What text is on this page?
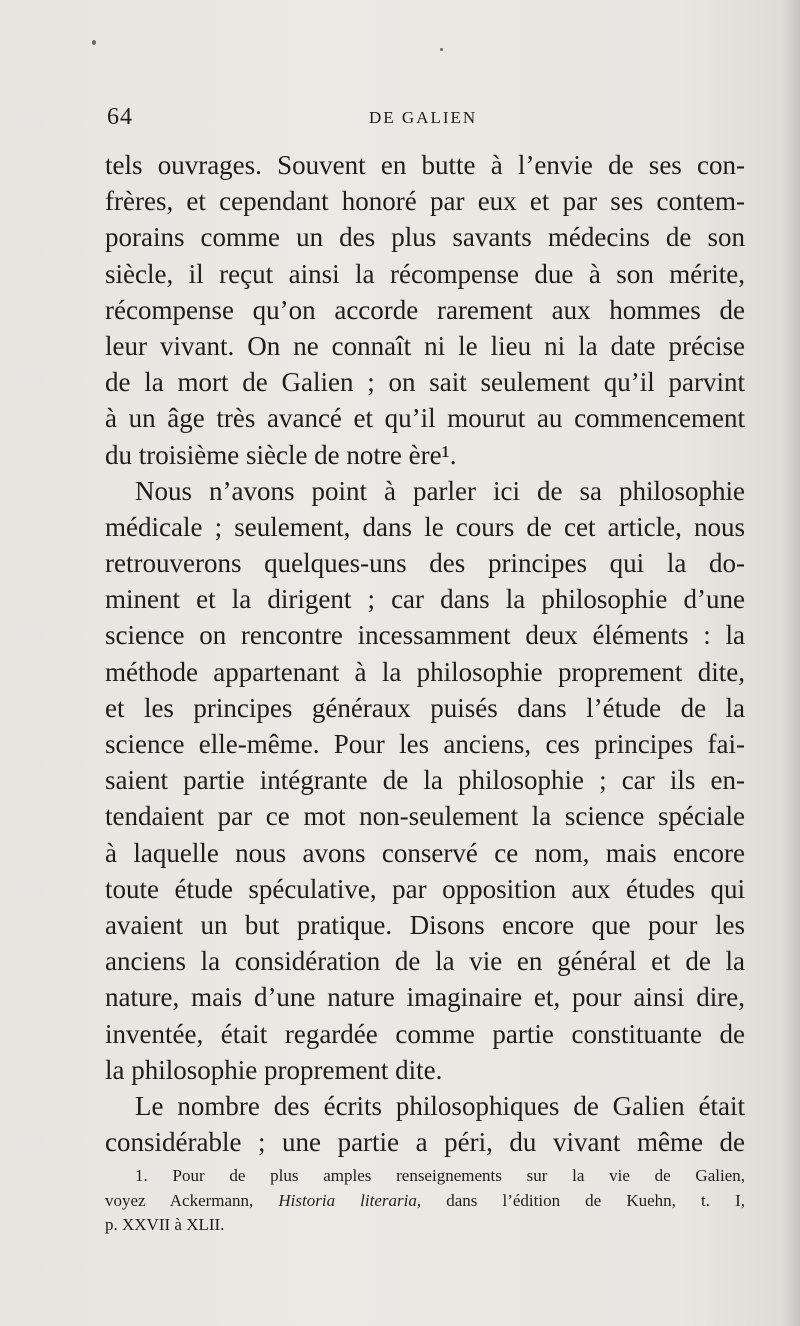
64	DE GALIEN
tels ouvrages. Souvent en butte à l’envie de ses con-
frères, et cependant honoré par eux et par ses contem-
porains comme un des plus savants médecins de son
siècle, il reçut ainsi la récompense due à son mérite,
récompense qu’on accorde rarement aux hommes de
leur vivant. On ne connaît ni le lieu ni la date précise
de la mort de Galien ; on sait seulement qu’il parvint
à un âge très avancé et qu’il mourut au commencement
du troisième siècle de notre ère¹.
Nous n’avons point à parler ici de sa philosophie
médicale ; seulement, dans le cours de cet article, nous
retrouverons quelques-uns des principes qui la do-
minent et la dirigent ; car dans la philosophie d’une
science on rencontre incessamment deux éléments : la
méthode appartenant à la philosophie proprement dite,
et les principes généraux puisés dans l’étude de la
science elle-même. Pour les anciens, ces principes fai-
saient partie intégrante de la philosophie ; car ils en-
tendaient par ce mot non-seulement la science spéciale
à laquelle nous avons conservé ce nom, mais encore
toute étude spéculative, par opposition aux études qui
avaient un but pratique. Disons encore que pour les
anciens la considération de la vie en général et de la
nature, mais d’une nature imaginaire et, pour ainsi dire,
inventée, était regardée comme partie constituante de
la philosophie proprement dite.
Le nombre des écrits philosophiques de Galien était
considérable ; une partie a péri, du vivant même de
1. Pour de plus amples renseignements sur la vie de Galien,
voyez Ackermann, Historia literaria, dans l’édition de Kuehn, t. I,
p. XXVII à XLII.
